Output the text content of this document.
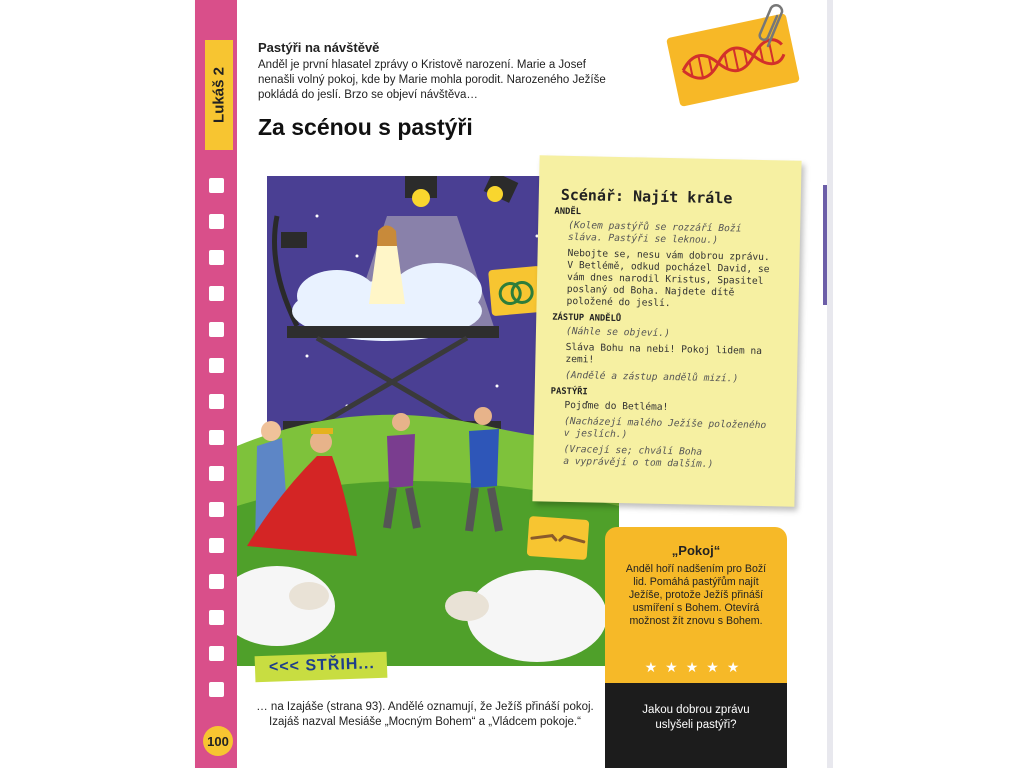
Lukáš 2
100
Pastýři na návštěvě
Anděl je první hlasatel zprávy o Kristově narození. Marie a Josef
nenašli volný pokoj, kde by Marie mohla porodit. Narozeného Ježíše
pokládá do jeslí. Brzo se objeví návštěva…
Za scénou s pastýři
Scénář: Najít krále
ANDĚL
(Kolem pastýřů se rozzáří Boží
sláva. Pastýři se leknou.)
Nebojte se, nesu vám dobrou zprávu.
V Betlémě, odkud pocházel David, se
vám dnes narodil Kristus, Spasitel
poslaný od Boha. Najdete dítě
položené do jeslí.
ZÁSTUP ANDĚLŮ
(Náhle se objeví.)
Sláva Bohu na nebi! Pokoj lidem na
zemi!
(Andělé a zástup andělů mizí.)
PASTÝŘI
Pojďme do Betléma!
(Nacházejí malého Ježíše položeného
v jeslích.)
(Vracejí se; chválí Boha
a vyprávějí o tom dalším.)
<<< STŘIH...
… na Izajáše (strana 93). Andělé oznamují, že Ježíš přináší pokoj.
Izajáš nazval Mesiáše „Mocným Bohem“ a „Vládcem pokoje.“
„Pokoj“
Anděl hoří nadšením pro Boží
lid. Pomáhá pastýřům najít
Ježíše, protože Ježíš přináší
usmíření s Bohem. Otevírá
možnost žít znovu s Bohem.
★★★★★
Jakou dobrou zprávu
uslyšeli pastýři?
